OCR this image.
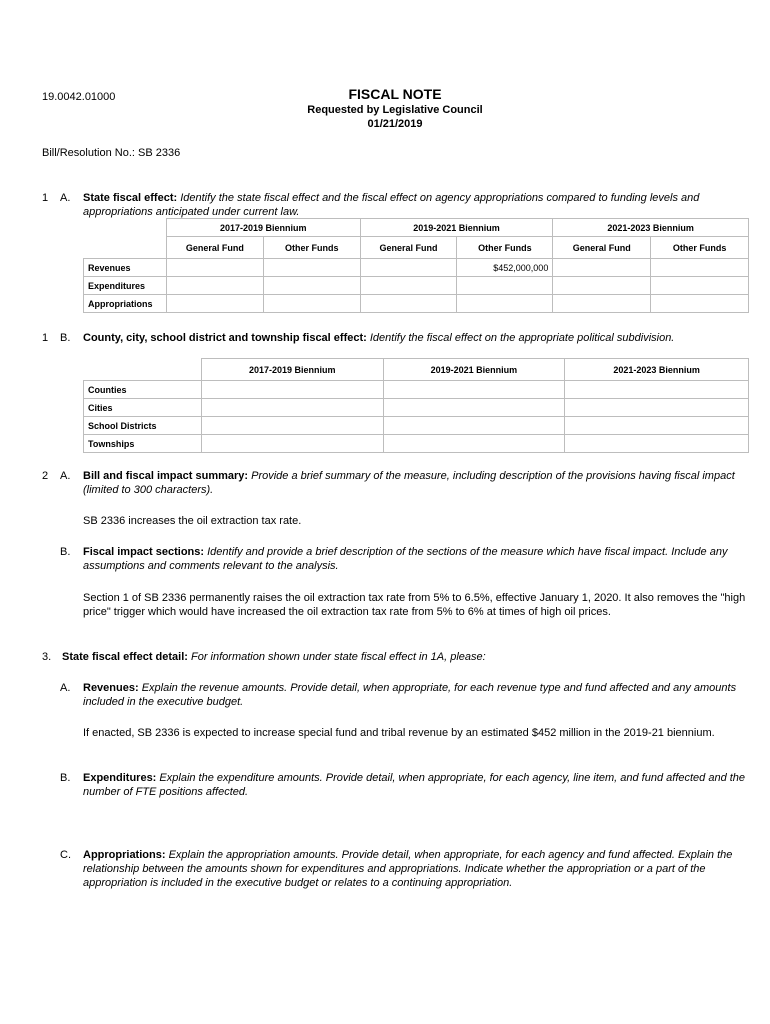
19.0042.01000	FISCAL NOTE
Requested by Legislative Council
01/21/2019
Bill/Resolution No.: SB 2336
1 A. State fiscal effect: Identify the state fiscal effect and the fiscal effect on agency appropriations compared to funding levels and appropriations anticipated under current law.
	2017-2019 Biennium		2019-2021 Biennium		2021-2023 Biennium	
	General Fund	Other Funds	General Fund	Other Funds	General Fund	Other Funds
Revenues				$452,000,000		
Expenditures						
Appropriations						
1 B. County, city, school district and township fiscal effect: Identify the fiscal effect on the appropriate political subdivision.
	2017-2019 Biennium	2019-2021 Biennium	2021-2023 Biennium
Counties			
Cities			
School Districts			
Townships			
2 A. Bill and fiscal impact summary: Provide a brief summary of the measure, including description of the provisions having fiscal impact (limited to 300 characters).
SB 2336 increases the oil extraction tax rate.
B. Fiscal impact sections: Identify and provide a brief description of the sections of the measure which have fiscal impact. Include any assumptions and comments relevant to the analysis.
Section 1 of SB 2336 permanently raises the oil extraction tax rate from 5% to 6.5%, effective January 1, 2020. It also removes the "high price" trigger which would have increased the oil extraction tax rate from 5% to 6% at times of high oil prices.
3. State fiscal effect detail: For information shown under state fiscal effect in 1A, please:
A. Revenues: Explain the revenue amounts. Provide detail, when appropriate, for each revenue type and fund affected and any amounts included in the executive budget.
If enacted, SB 2336 is expected to increase special fund and tribal revenue by an estimated $452 million in the 2019-21 biennium.
B. Expenditures: Explain the expenditure amounts. Provide detail, when appropriate, for each agency, line item, and fund affected and the number of FTE positions affected.
C. Appropriations: Explain the appropriation amounts. Provide detail, when appropriate, for each agency and fund affected. Explain the relationship between the amounts shown for expenditures and appropriations. Indicate whether the appropriation or a part of the appropriation is included in the executive budget or relates to a continuing appropriation.
